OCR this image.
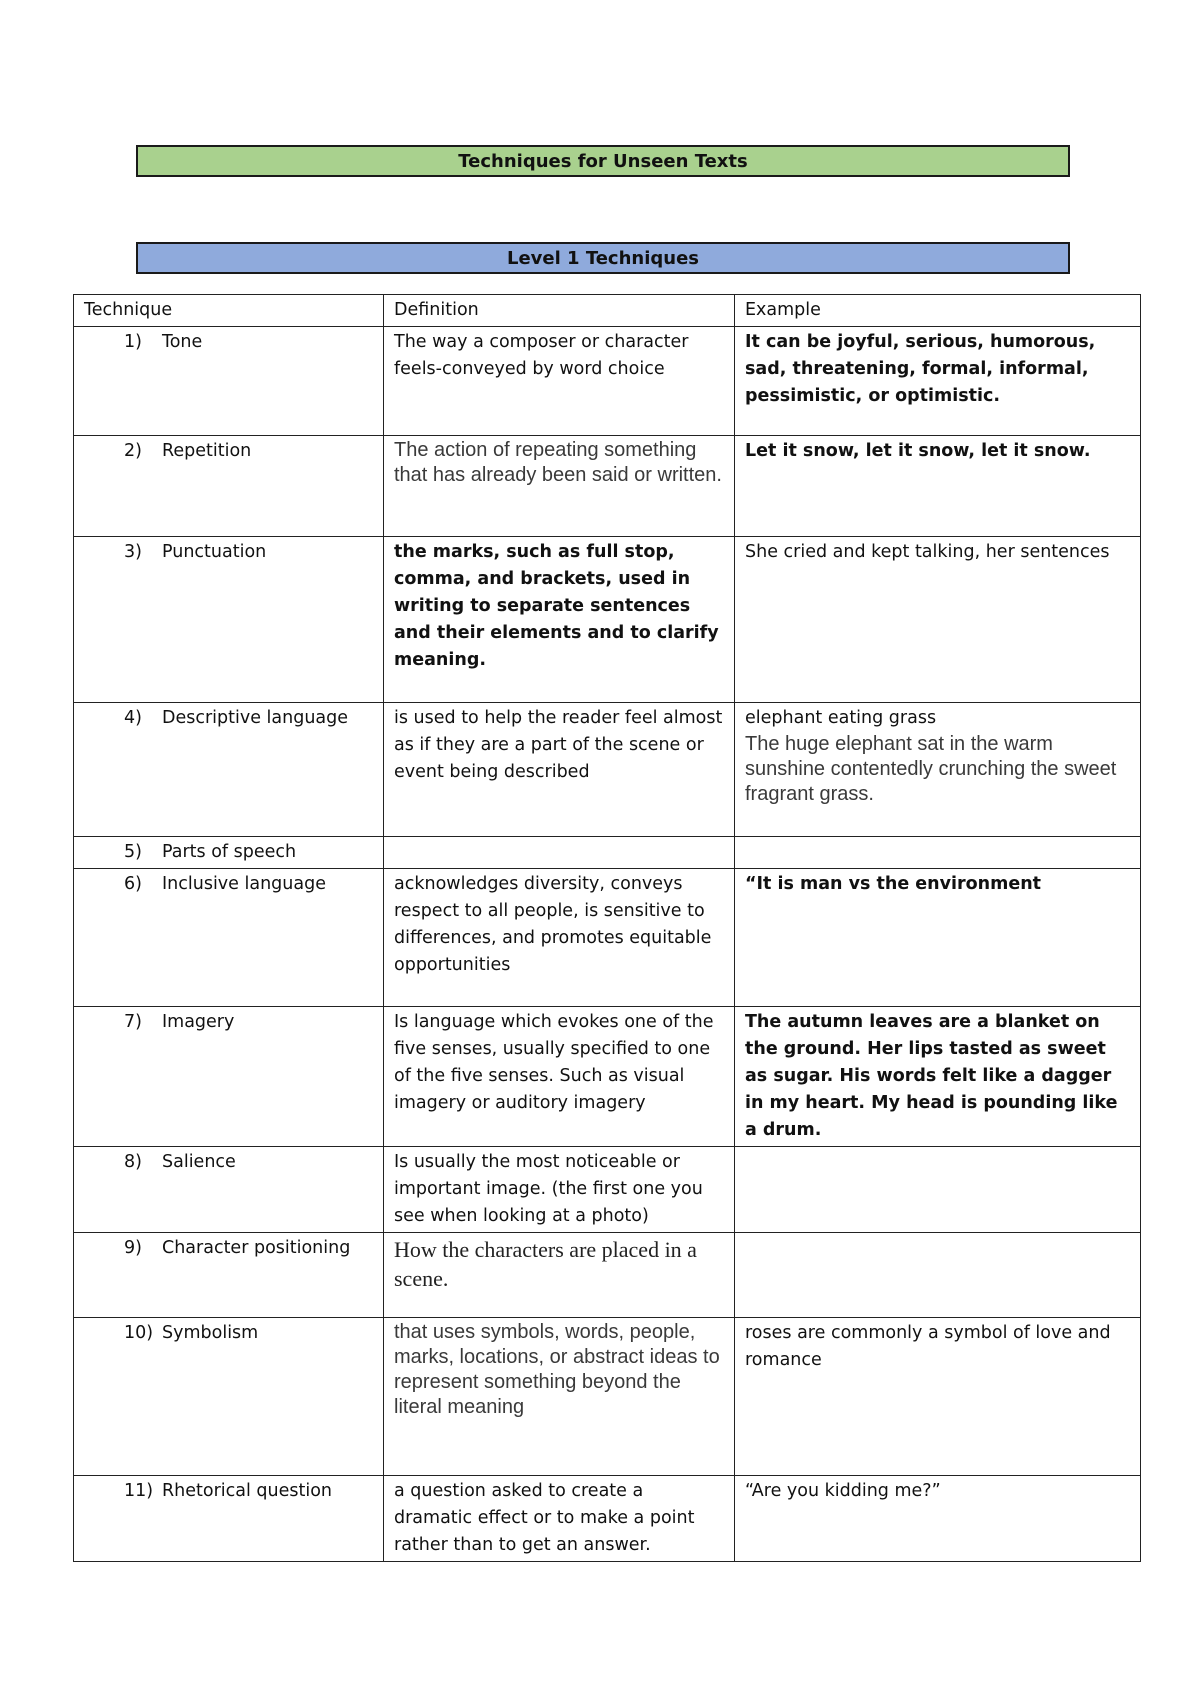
Techniques for Unseen Texts
Level 1 Techniques
Technique	Definition	Example

1) Tone	The way a composer or character feels-conveyed by word choice	It can be joyful, serious, humorous, sad, threatening, formal, informal, pessimistic, or optimistic.

2) Repetition	The action of repeating something that has already been said or written.	Let it snow, let it snow, let it snow.

3) Punctuation	the marks, such as full stop, comma, and brackets, used in writing to separate sentences and their elements and to clarify meaning.	She cried and kept talking, her sentences

4) Descriptive language	is used to help the reader feel almost as if they are a part of the scene or event being described	elephant eating grass
The huge elephant sat in the warm sunshine contentedly crunching the sweet fragrant grass.

5) Parts of speech		

6) Inclusive language	acknowledges diversity, conveys respect to all people, is sensitive to differences, and promotes equitable opportunities	“It is man vs the environment

7) Imagery	Is language which evokes one of the five senses, usually specified to one of the five senses. Such as visual imagery or auditory imagery	The autumn leaves are a blanket on the ground. Her lips tasted as sweet as sugar. His words felt like a dagger in my heart. My head is pounding like a drum.

8) Salience	Is usually the most noticeable or important image. (the first one you see when looking at a photo)	

9) Character positioning	How the characters are placed in a scene.	

10) Symbolism	that uses symbols, words, people, marks, locations, or abstract ideas to represent something beyond the literal meaning	roses are commonly a symbol of love and romance

11) Rhetorical question	a question asked to create a dramatic effect or to make a point rather than to get an answer.	“Are you kidding me?”
